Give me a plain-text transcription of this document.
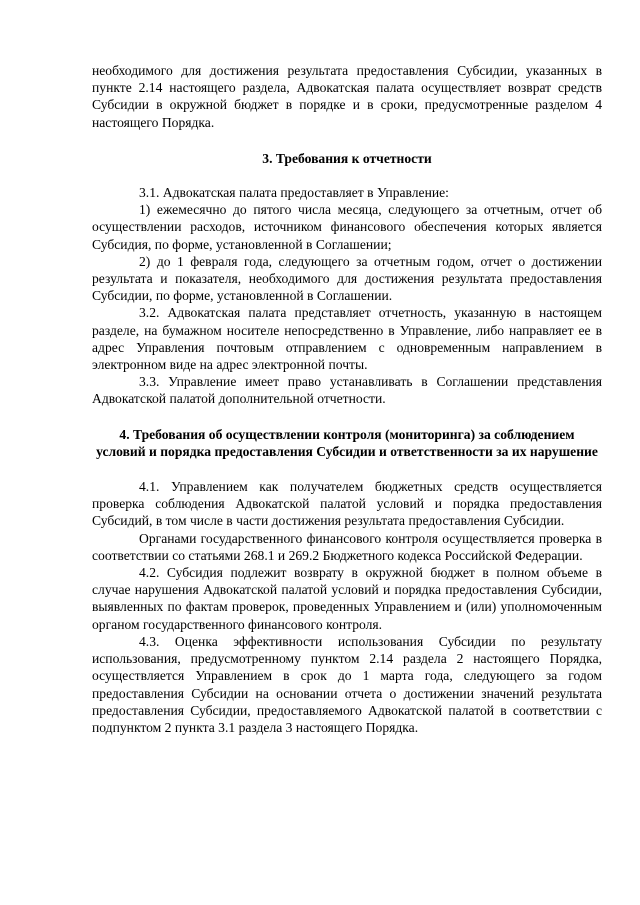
необходимого для достижения результата предоставления Субсидии, указанных в пункте 2.14 настоящего раздела, Адвокатская палата осуществляет возврат средств Субсидии в окружной бюджет в порядке и в сроки, предусмотренные разделом 4 настоящего Порядка.

3. Требования к отчетности

3.1. Адвокатская палата предоставляет в Управление:

1) ежемесячно до пятого числа месяца, следующего за отчетным, отчет об осуществлении расходов, источником финансового обеспечения которых является Субсидия, по форме, установленной в Соглашении;

2) до 1 февраля года, следующего за отчетным годом, отчет о достижении результата и показателя, необходимого для достижения результата предоставления Субсидии, по форме, установленной в Соглашении.

3.2. Адвокатская палата представляет отчетность, указанную в настоящем разделе, на бумажном носителе непосредственно в Управление, либо направляет ее в адрес Управления почтовым отправлением с одновременным направлением в электронном виде на адрес электронной почты.

3.3. Управление имеет право устанавливать в Соглашении представления Адвокатской палатой дополнительной отчетности.

4. Требования об осуществлении контроля (мониторинга) за соблюдением условий и порядка предоставления Субсидии и ответственности за их нарушение

4.1. Управлением как получателем бюджетных средств осуществляется проверка соблюдения Адвокатской палатой условий и порядка предоставления Субсидий, в том числе в части достижения результата предоставления Субсидии.

Органами государственного финансового контроля осуществляется проверка в соответствии со статьями 268.1 и 269.2 Бюджетного кодекса Российской Федерации.

4.2. Субсидия подлежит возврату в окружной бюджет в полном объеме в случае нарушения Адвокатской палатой условий и порядка предоставления Субсидии, выявленных по фактам проверок, проведенных Управлением и (или) уполномоченным органом государственного финансового контроля.

4.3. Оценка эффективности использования Субсидии по результату использования, предусмотренному пунктом 2.14 раздела 2 настоящего Порядка, осуществляется Управлением в срок до 1 марта года, следующего за годом предоставления Субсидии на основании отчета о достижении значений результата предоставления Субсидии, предоставляемого Адвокатской палатой в соответствии с подпунктом 2 пункта 3.1 раздела 3 настоящего Порядка.
